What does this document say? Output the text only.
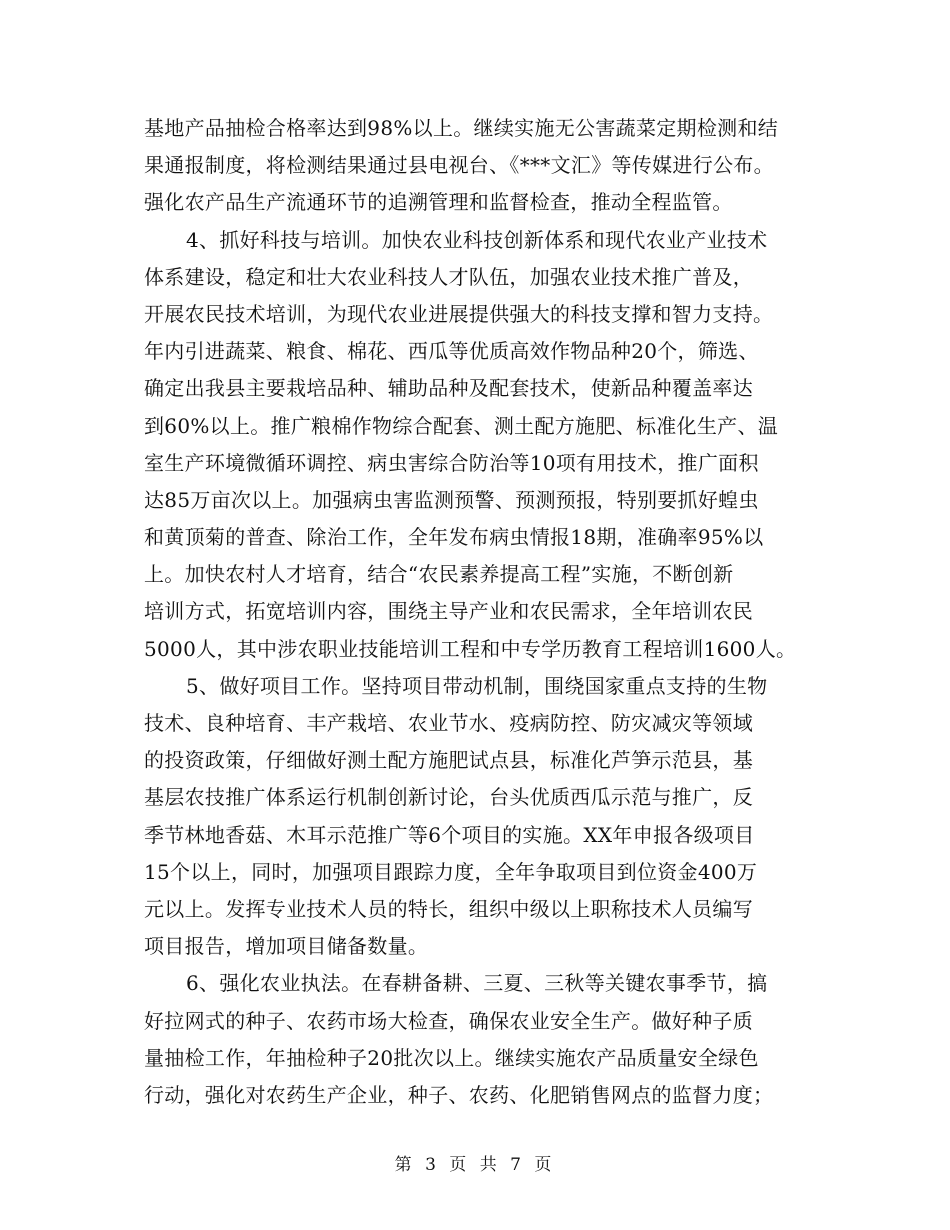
基地产品抽检合格率达到98%以上。继续实施无公害蔬菜定期检测和结
果通报制度，将检测结果通过县电视台、《***文汇》等传媒进行公布。
强化农产品生产流通环节的追溯管理和监督检查，推动全程监管。
4、抓好科技与培训。加快农业科技创新体系和现代农业产业技术
体系建设，稳定和壮大农业科技人才队伍，加强农业技术推广普及，
开展农民技术培训，为现代农业进展提供强大的科技支撑和智力支持。
年内引进蔬菜、粮食、棉花、西瓜等优质高效作物品种20个，筛选、
确定出我县主要栽培品种、辅助品种及配套技术，使新品种覆盖率达
到60%以上。推广粮棉作物综合配套、测土配方施肥、标准化生产、温
室生产环境微循环调控、病虫害综合防治等10项有用技术，推广面积
达85万亩次以上。加强病虫害监测预警、预测预报，特别要抓好蝗虫
和黄顶菊的普查、除治工作，全年发布病虫情报18期，准确率95%以
上。加快农村人才培育，结合“农民素养提高工程”实施，不断创新
培训方式，拓宽培训内容，围绕主导产业和农民需求，全年培训农民
5000人，其中涉农职业技能培训工程和中专学历教育工程培训1600人。
5、做好项目工作。坚持项目带动机制，围绕国家重点支持的生物
技术、良种培育、丰产栽培、农业节水、疫病防控、防灾减灾等领域
的投资政策，仔细做好测土配方施肥试点县，标准化芦笋示范县，基
基层农技推广体系运行机制创新讨论，台头优质西瓜示范与推广，反
季节林地香菇、木耳示范推广等6个项目的实施。XX年申报各级项目
15个以上，同时，加强项目跟踪力度，全年争取项目到位资金400万
元以上。发挥专业技术人员的特长，组织中级以上职称技术人员编写
项目报告，增加项目储备数量。
6、强化农业执法。在春耕备耕、三夏、三秋等关键农事季节，搞
好拉网式的种子、农药市场大检查，确保农业安全生产。做好种子质
量抽检工作，年抽检种子20批次以上。继续实施农产品质量安全绿色
行动，强化对农药生产企业，种子、农药、化肥销售网点的监督力度；
第 3 页 共 7 页
